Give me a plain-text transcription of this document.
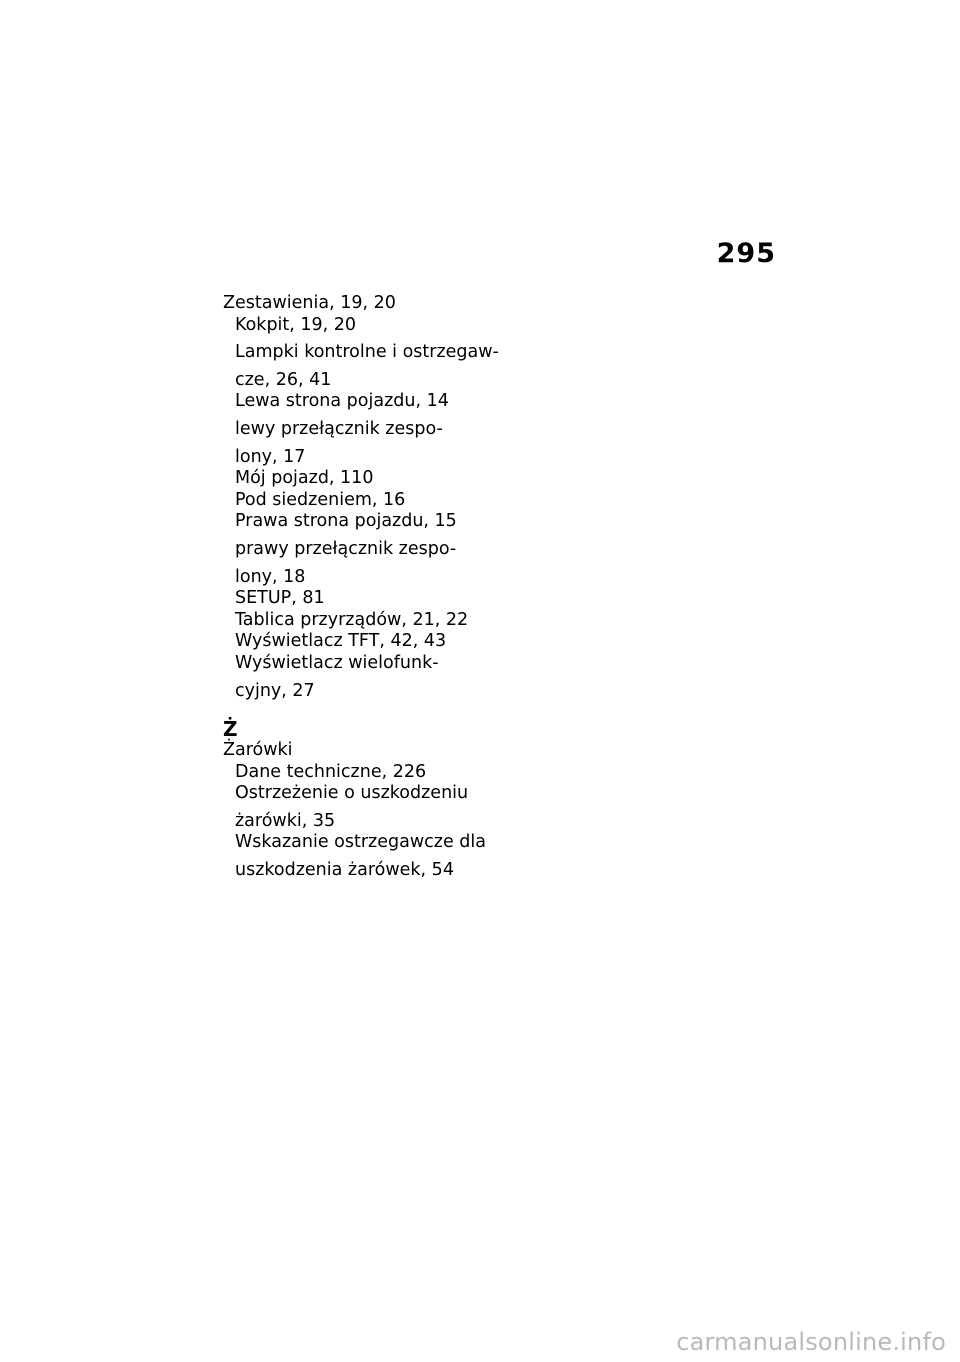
295
Zestawienia, 19, 20
Kokpit, 19, 20
Lampki kontrolne i ostrzegaw-
cze, 26, 41
Lewa strona pojazdu, 14
lewy przełącznik zespo-
lony, 17
Mój pojazd, 110
Pod siedzeniem, 16
Prawa strona pojazdu, 15
prawy przełącznik zespo-
lony, 18
SETUP, 81
Tablica przyrządów, 21, 22
Wyświetlacz TFT, 42, 43
Wyświetlacz wielofunk-
cyjny, 27
Ż
Żarówki
Dane techniczne, 226
Ostrzeżenie o uszkodzeniu
żarówki, 35
Wskazanie ostrzegawcze dla
uszkodzenia żarówek, 54
carmanualsonline.info
